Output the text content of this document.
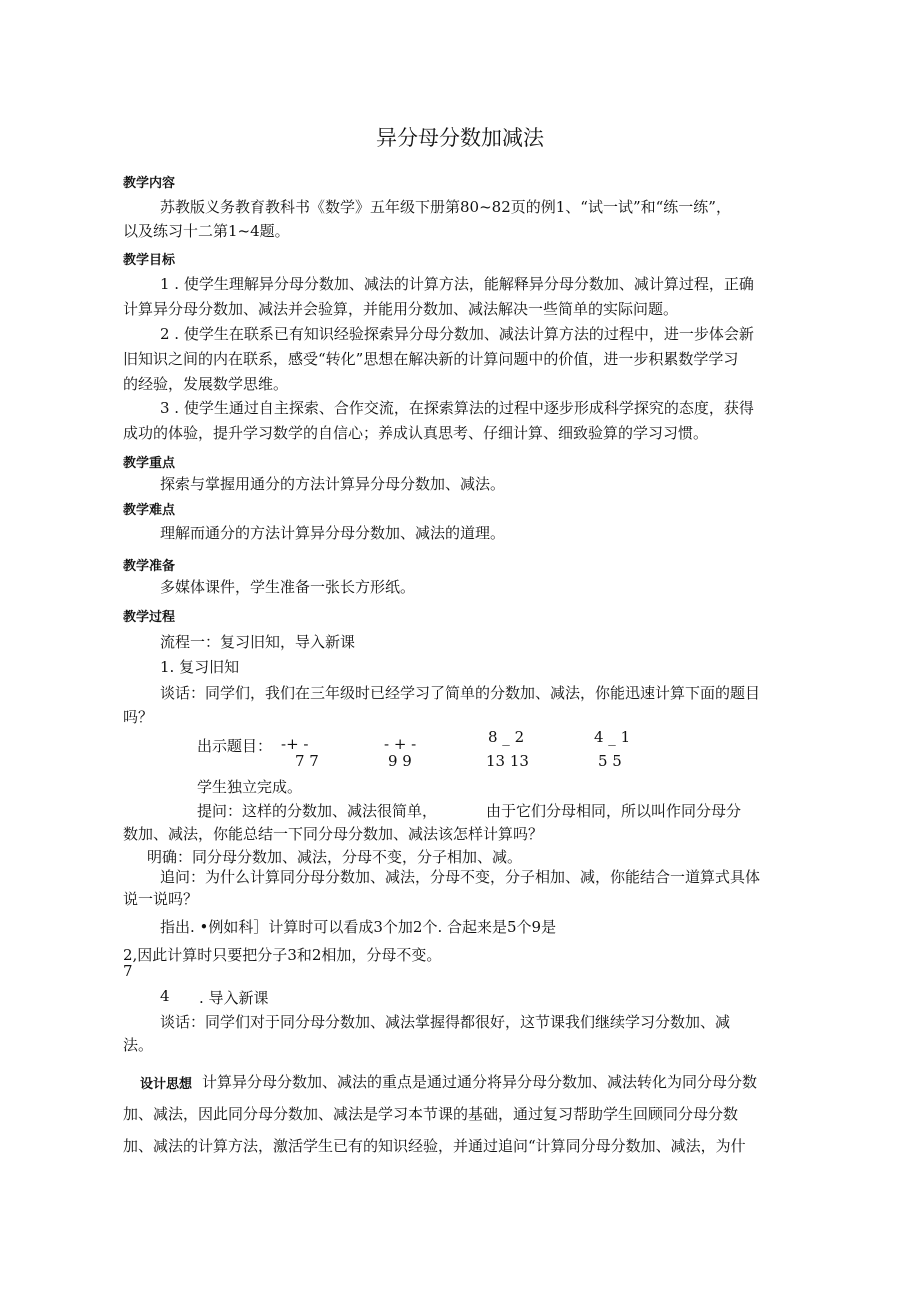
异分母分数加减法
教学内容
苏教版义务教育教科书《数学》五年级下册第80~82页的例1、“试一试”和“练一练”，
以及练习十二第1~4题。
教学目标
1 . 使学生理解异分母分数加、减法的计算方法，能解释异分母分数加、减计算过程，正确
计算异分母分数加、减法并会验算，并能用分数加、减法解决一些简单的实际问题。
2 . 使学生在联系已有知识经验探索异分母分数加、减法计算方法的过程中，进一步体会新
旧知识之间的内在联系，感受“转化”思想在解决新的计算问题中的价值，进一步积累数学学习
的经验，发展数学思维。
3 . 使学生通过自主探索、合作交流，在探索算法的过程中逐步形成科学探究的态度，获得
成功的体验，提升学习数学的自信心；养成认真思考、仔细计算、细致验算的学习习惯。
教学重点
探索与掌握用通分的方法计算异分母分数加、减法。
教学难点
理解而通分的方法计算异分母分数加、减法的道理。
教学准备
多媒体课件，学生准备一张长方形纸。
教学过程
流程一：复习旧知，导入新课
1. 复习旧知
谈话：同学们，我们在三年级时已经学习了简单的分数加、减法，你能迅速计算下面的题目
吗？
出示题目： -+ -
7 7
- + -
9 9
8 _ 2
13 13
4 _ 1
5 5
学生独立完成。
提问：这样的分数加、减法很简单，	由于它们分母相同，所以叫作同分母分
数加、减法，你能总结一下同分母分数加、减法该怎样计算吗？
明确：同分母分数加、减法，分母不变，分子相加、减。
追问：为什么计算同分母分数加、减法，分母不变，分子相加、减，你能结合一道算式具体
说一说吗？
指出. •例如科］计算时可以看成3个加2个. 合起来是5个9是
2,因此计算时只要把分子3和2相加，分母不变。
7
4 . 导入新课
谈话：同学们对于同分母分数加、减法掌握得都很好，这节课我们继续学习分数加、减
法。
设计思想 计算异分母分数加、减法的重点是通过通分将异分母分数加、减法转化为同分母分数
加、减法，因此同分母分数加、减法是学习本节课的基础，通过复习帮助学生回顾同分母分数
加、减法的计算方法，激活学生已有的知识经验，并通过追问“计算同分母分数加、减法，为什
